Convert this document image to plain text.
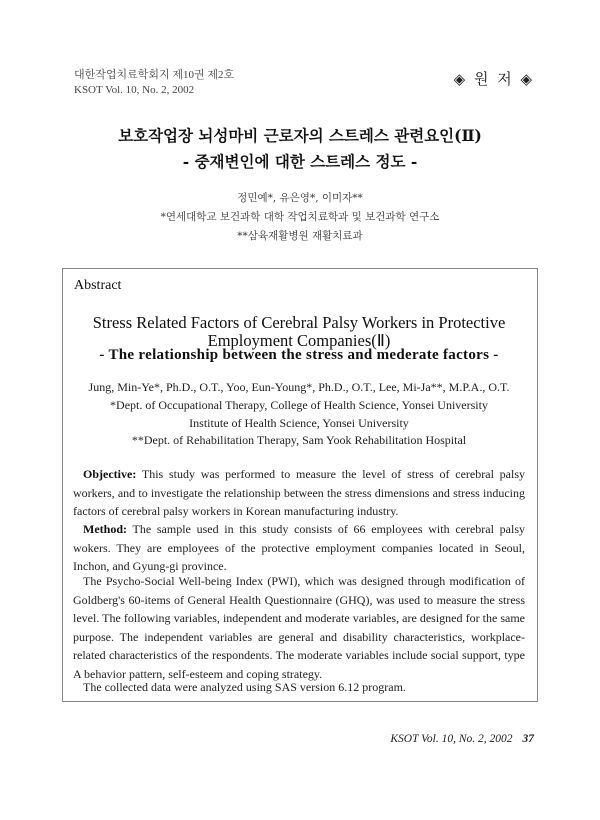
대한작업치료학회지 제10권 제2호
KSOT Vol. 10, No. 2, 2002
◈ 원 저 ◈
보호작업장 뇌성마비 근로자의 스트레스 관련요인(Ⅱ)
- 중재변인에 대한 스트레스 정도 -
정민예*, 유은영*, 이미자**
*연세대학교 보건과학 대학 작업치료학과 및 보건과학 연구소
**삼육재활병원 재활치료과
Abstract
Stress Related Factors of Cerebral Palsy Workers in Protective
Employment Companies(Ⅱ)
- The relationship between the stress and mederate factors -
Jung, Min-Ye*, Ph.D., O.T., Yoo, Eun-Young*, Ph.D., O.T., Lee, Mi-Ja**, M.P.A., O.T.
*Dept. of Occupational Therapy, College of Health Science, Yonsei University
Institute of Health Science, Yonsei University
**Dept. of Rehabilitation Therapy, Sam Yook Rehabilitation Hospital

Objective: This study was performed to measure the level of stress of cerebral palsy workers, and to investigate the relationship between the stress dimensions and stress inducing factors of cerebral palsy workers in Korean manufacturing industry.

Method: The sample used in this study consists of 66 employees with cerebral palsy wokers. They are employees of the protective employment companies located in Seoul, Inchon, and Gyung-gi province.

The Psycho-Social Well-being Index (PWI), which was designed through modification of Goldberg's 60-items of General Health Questionnaire (GHQ), was used to measure the stress level. The following variables, independent and moderate variables, are designed for the same purpose. The independent variables are general and disability characteristics, workplace-related characteristics of the respondents. The moderate variables include social support, type A behavior pattern, self-esteem and coping strategy.

The collected data were analyzed using SAS version 6.12 program.

KSOT Vol. 10, No. 2, 2002 37
